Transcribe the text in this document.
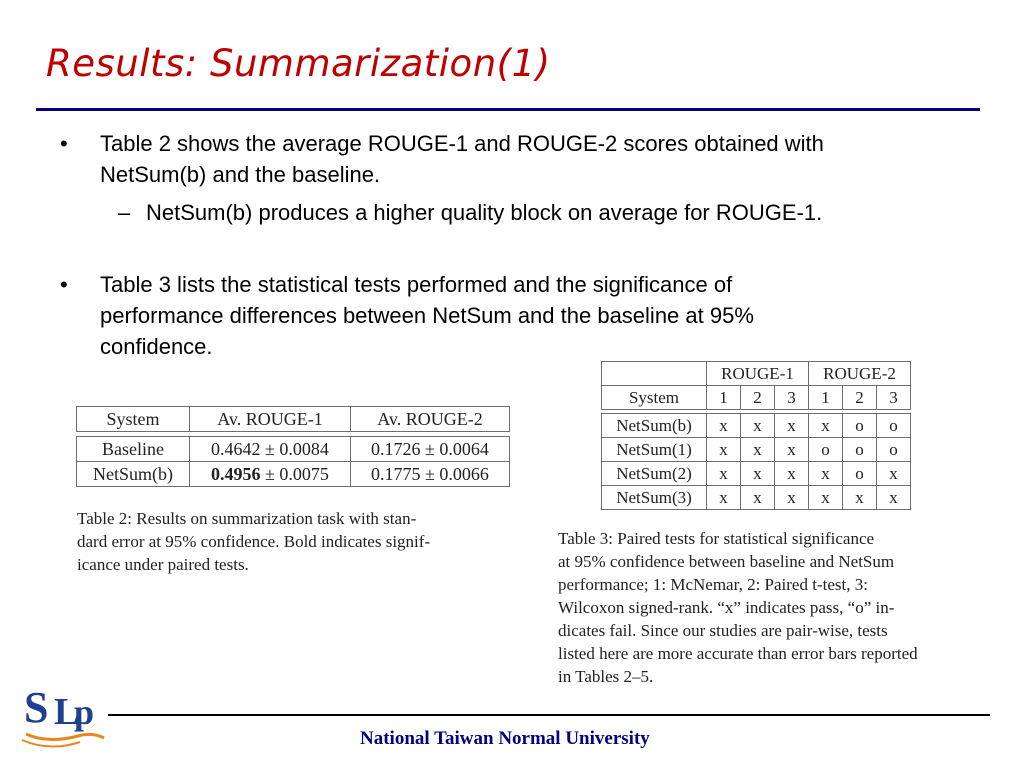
Results: Summarization(1)
• Table 2 shows the average ROUGE-1 and ROUGE-2 scores obtained with
NetSum(b) and the baseline.
– NetSum(b) produces a higher quality block on average for ROUGE-1.
• Table 3 lists the statistical tests performed and the significance of
performance differences between NetSum and the baseline at 95%
confidence.
System	Av. ROUGE-1	Av. ROUGE-2

Baseline	0.4642 ± 0.0084	0.1726 ± 0.0064
NetSum(b)	0.4956 ± 0.0075	0.1775 ± 0.0066
Table 2: Results on summarization task with stan-
dard error at 95% confidence. Bold indicates signif-
icance under paired tests.
	ROUGE-1			ROUGE-2		
System	1	2	3	1	2	3

NetSum(b)	x	x	x	x	o	o
NetSum(1)	x	x	x	o	o	o
NetSum(2)	x	x	x	x	o	x
NetSum(3)	x	x	x	x	x	x
Table 3: Paired tests for statistical significance
at 95% confidence between baseline and NetSum
performance; 1: McNemar, 2: Paired t-test, 3:
Wilcoxon signed-rank. “x” indicates pass, “o” in-
dicates fail. Since our studies are pair-wise, tests
listed here are more accurate than error bars reported
in Tables 2–5.
S L
p
National Taiwan Normal University
